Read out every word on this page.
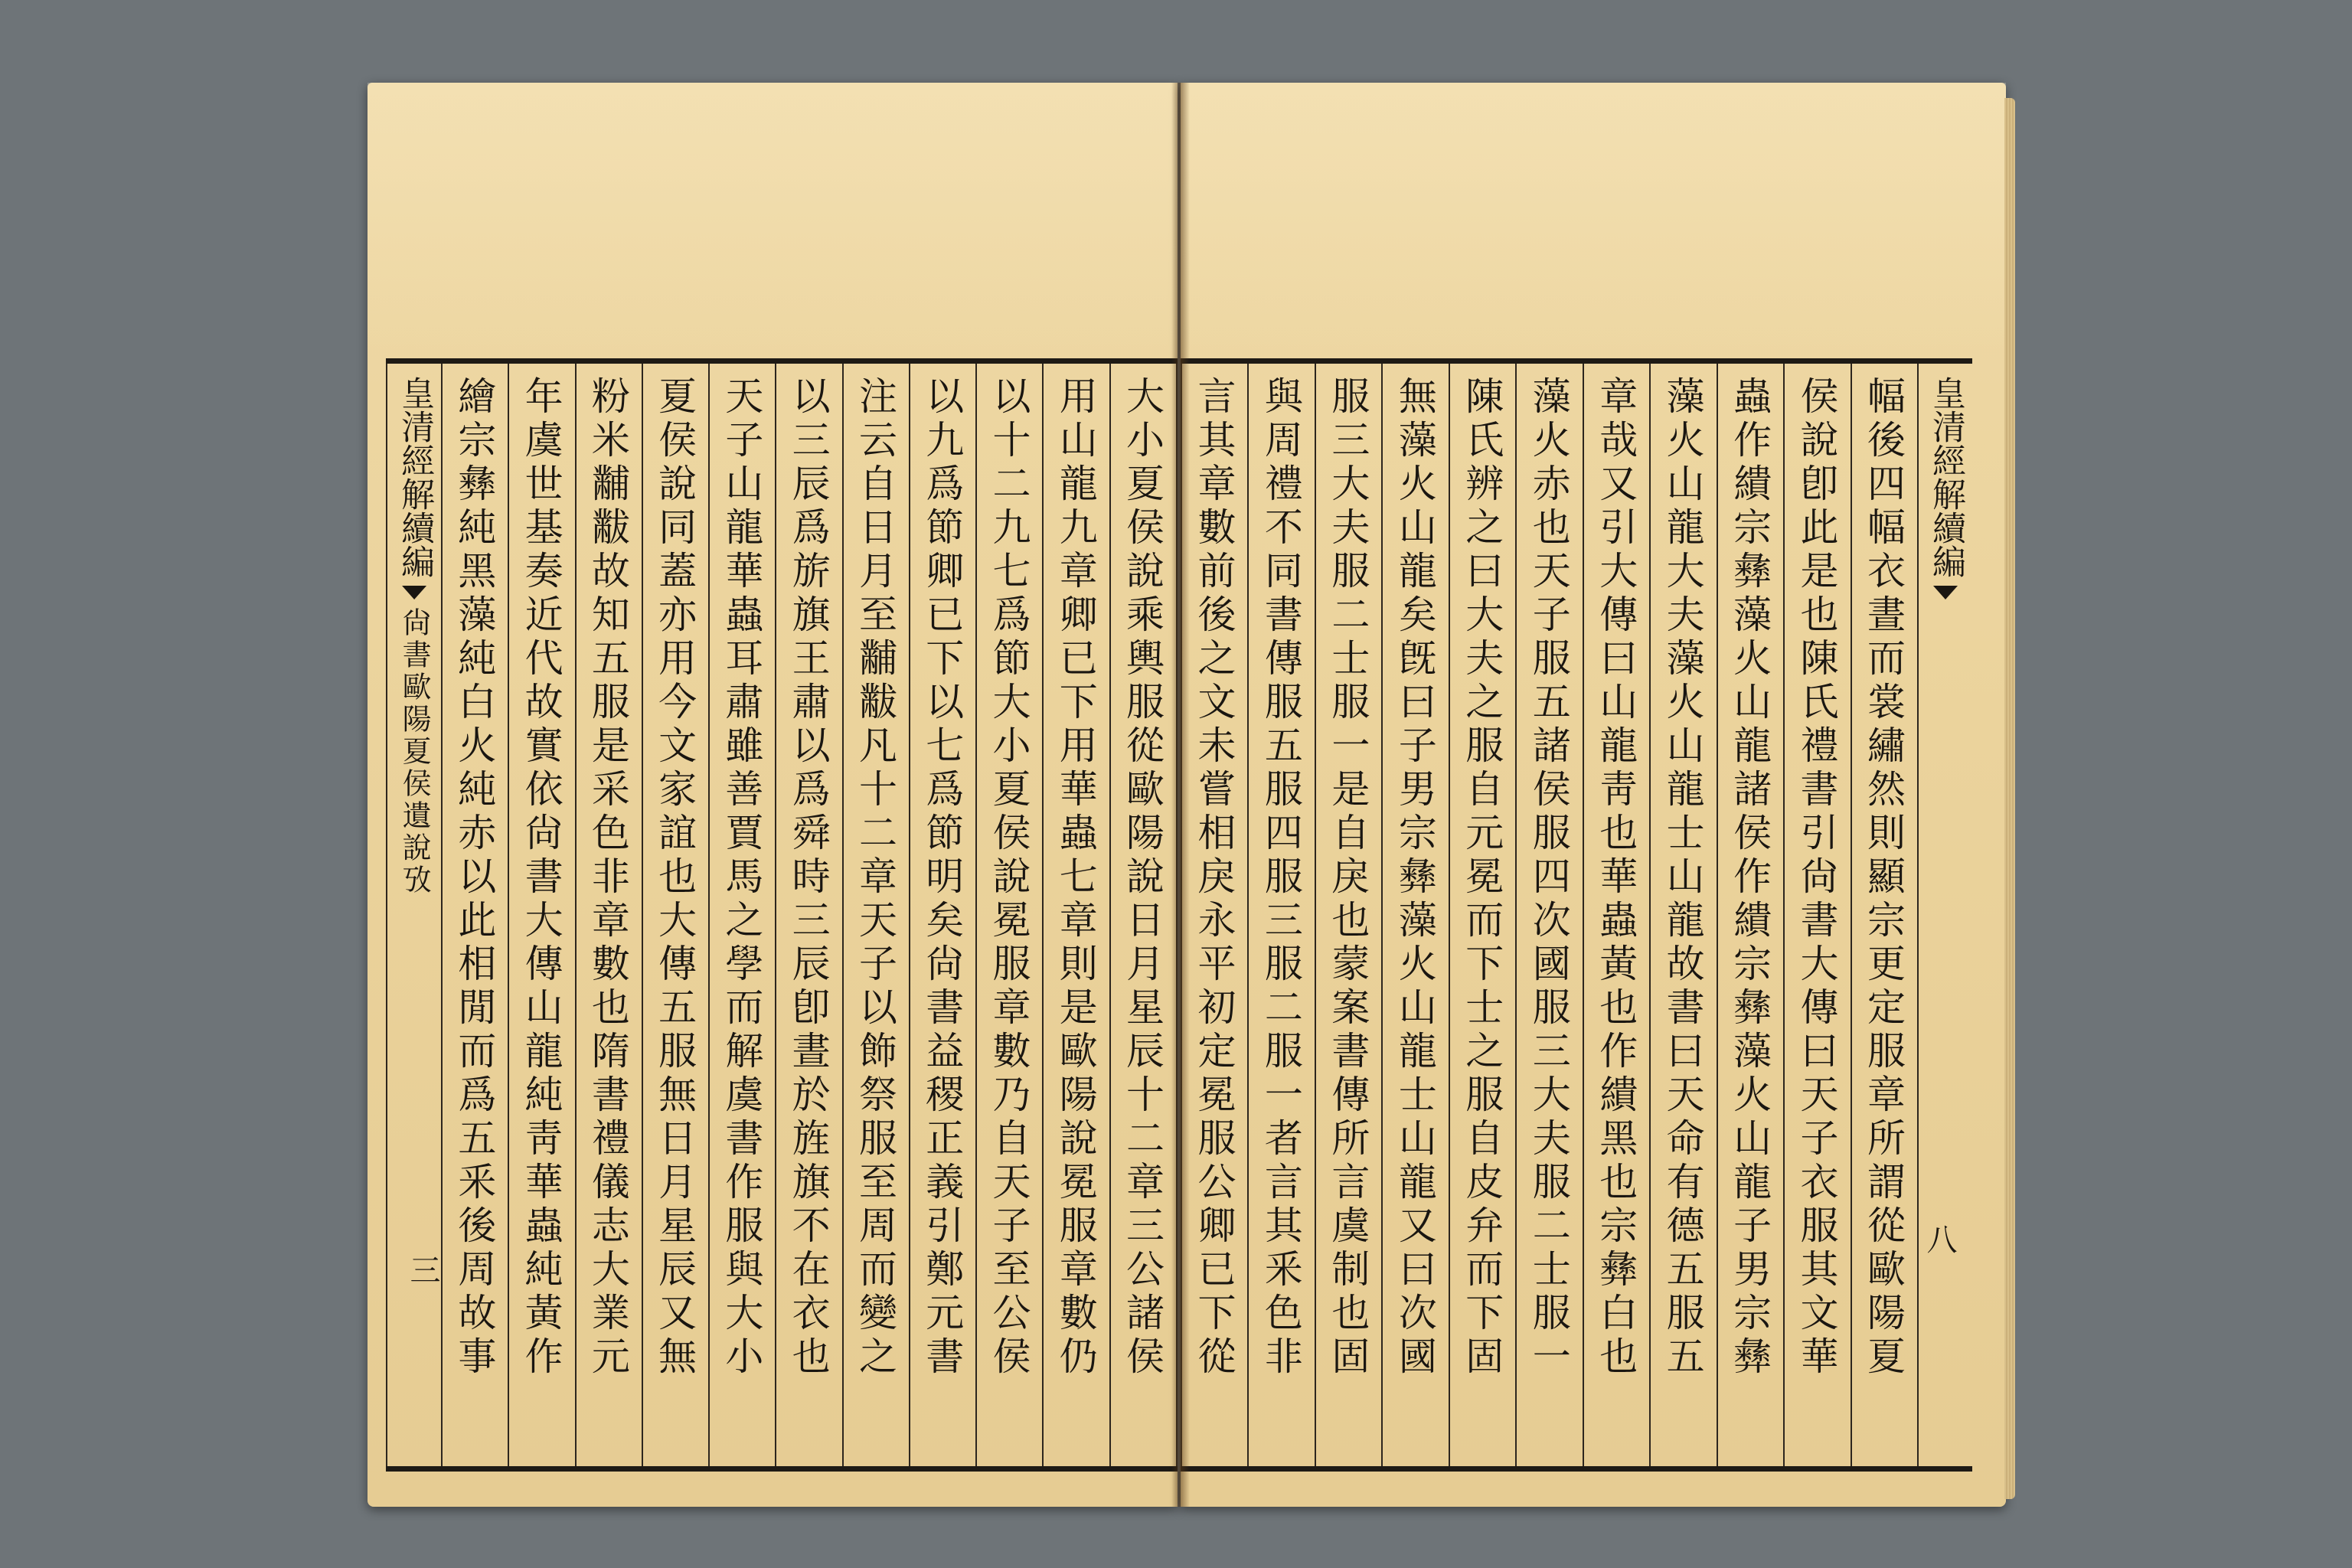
大小夏侯說乘輿服從歐陽說日月星辰十二章三公諸侯
用山龍九章卿已下用華蟲七章則是歐陽說冕服章數仍
以十二九七爲節大小夏侯說冕服章數乃自天子至公侯
以九爲節卿已下以七爲節明矣尙書益稷正義引鄭元書
注云自日月至黼黻凡十二章天子以飾祭服至周而變之
以三辰爲旂旗王肅以爲舜時三辰卽晝於旌旗不在衣也
天子山龍華蟲耳肅雖善賈馬之學而解虞書作服與大小
夏侯說同蓋亦用今文家誼也大傳五服無日月星辰又無
粉米黼黻故知五服是采色非章數也隋書禮儀志大業元
年虞世基奏近代故實依尙書大傳山龍純靑華蟲純黃作
繪宗彝純黑藻純白火純赤以此相閒而爲五釆後周故事
皇清經解續編尙書歐陽夏侯遺說攷
三
皇清經解續編
幅後四幅衣晝而裳繡然則顯宗更定服章所謂從歐陽夏
侯說卽此是也陳氏禮書引尙書大傳曰天子衣服其文華
蟲作繢宗彝藻火山龍諸侯作繢宗彝藻火山龍子男宗彝
藻火山龍大夫藻火山龍士山龍故書曰天命有德五服五
章哉又引大傳曰山龍靑也華蟲黃也作繢黑也宗彝白也
藻火赤也天子服五諸侯服四次國服三大夫服二士服一
陳氏辨之曰大夫之服自元冕而下士之服自皮弁而下固
無藻火山龍矣旣曰子男宗彝藻火山龍士山龍又曰次國
服三大夫服二士服一是自戾也蒙案書傳所言虞制也固
與周禮不同書傳服五服四服三服二服一者言其釆色非
言其章數前後之文未嘗相戾永平初定冕服公卿已下從	八
